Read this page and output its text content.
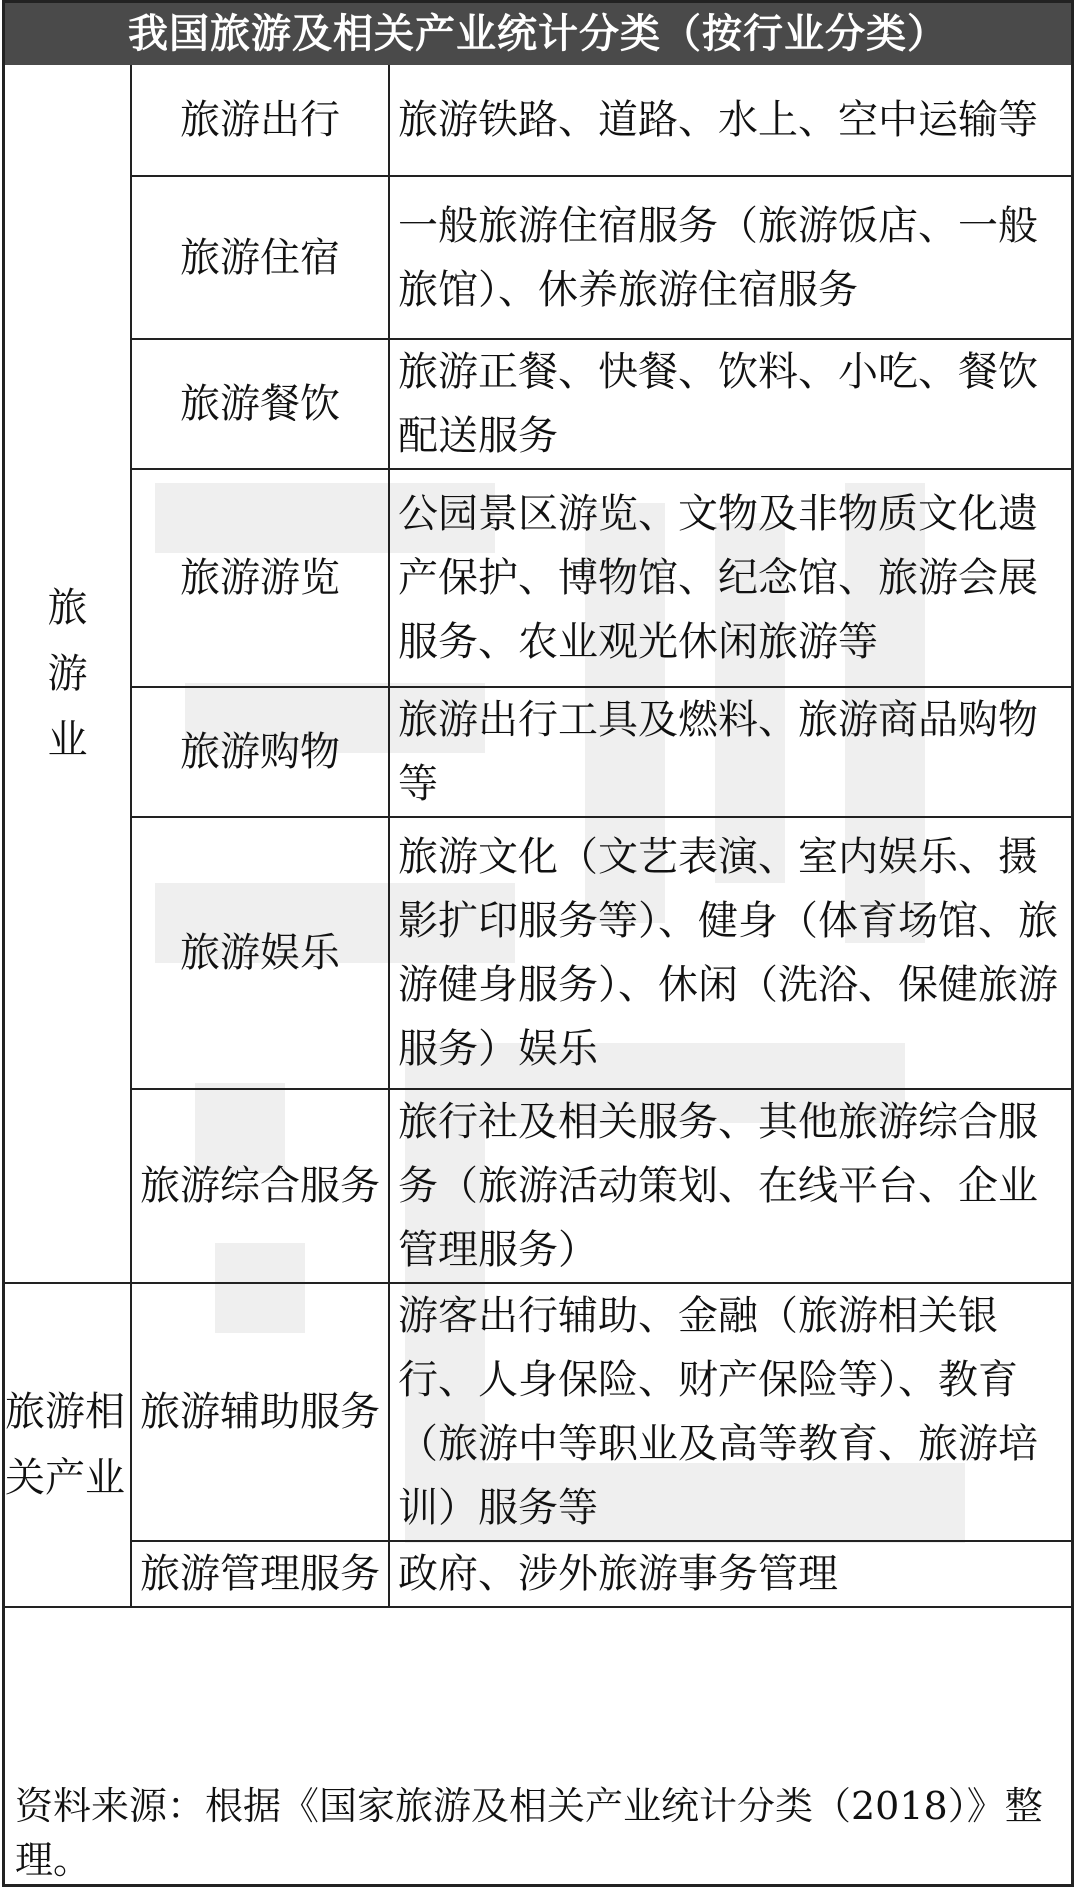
我国旅游及相关产业统计分类（按行业分类）
旅游业	旅游出行	旅游铁路、道路、水上、空中运输等
	旅游住宿	一般旅游住宿服务（旅游饭店、一般旅馆）、休养旅游住宿服务
	旅游餐饮	旅游正餐、快餐、饮料、小吃、餐饮配送服务
	旅游游览	公园景区游览、文物及非物质文化遗产保护、博物馆、纪念馆、旅游会展服务、农业观光休闲旅游等
	旅游购物	旅游出行工具及燃料、旅游商品购物等
	旅游娱乐	旅游文化（文艺表演、室内娱乐、摄影扩印服务等）、健身（体育场馆、旅游健身服务）、休闲（洗浴、保健旅游服务）娱乐
	旅游综合服务	旅行社及相关服务、其他旅游综合服务（旅游活动策划、在线平台、企业管理服务）
旅游相关产业	旅游辅助服务	游客出行辅助、金融（旅游相关银行、人身保险、财产保险等）、教育（旅游中等职业及高等教育、旅游培训）服务等
	旅游管理服务	政府、涉外旅游事务管理
资料来源：根据《国家旅游及相关产业统计分类（2018）》整理。
